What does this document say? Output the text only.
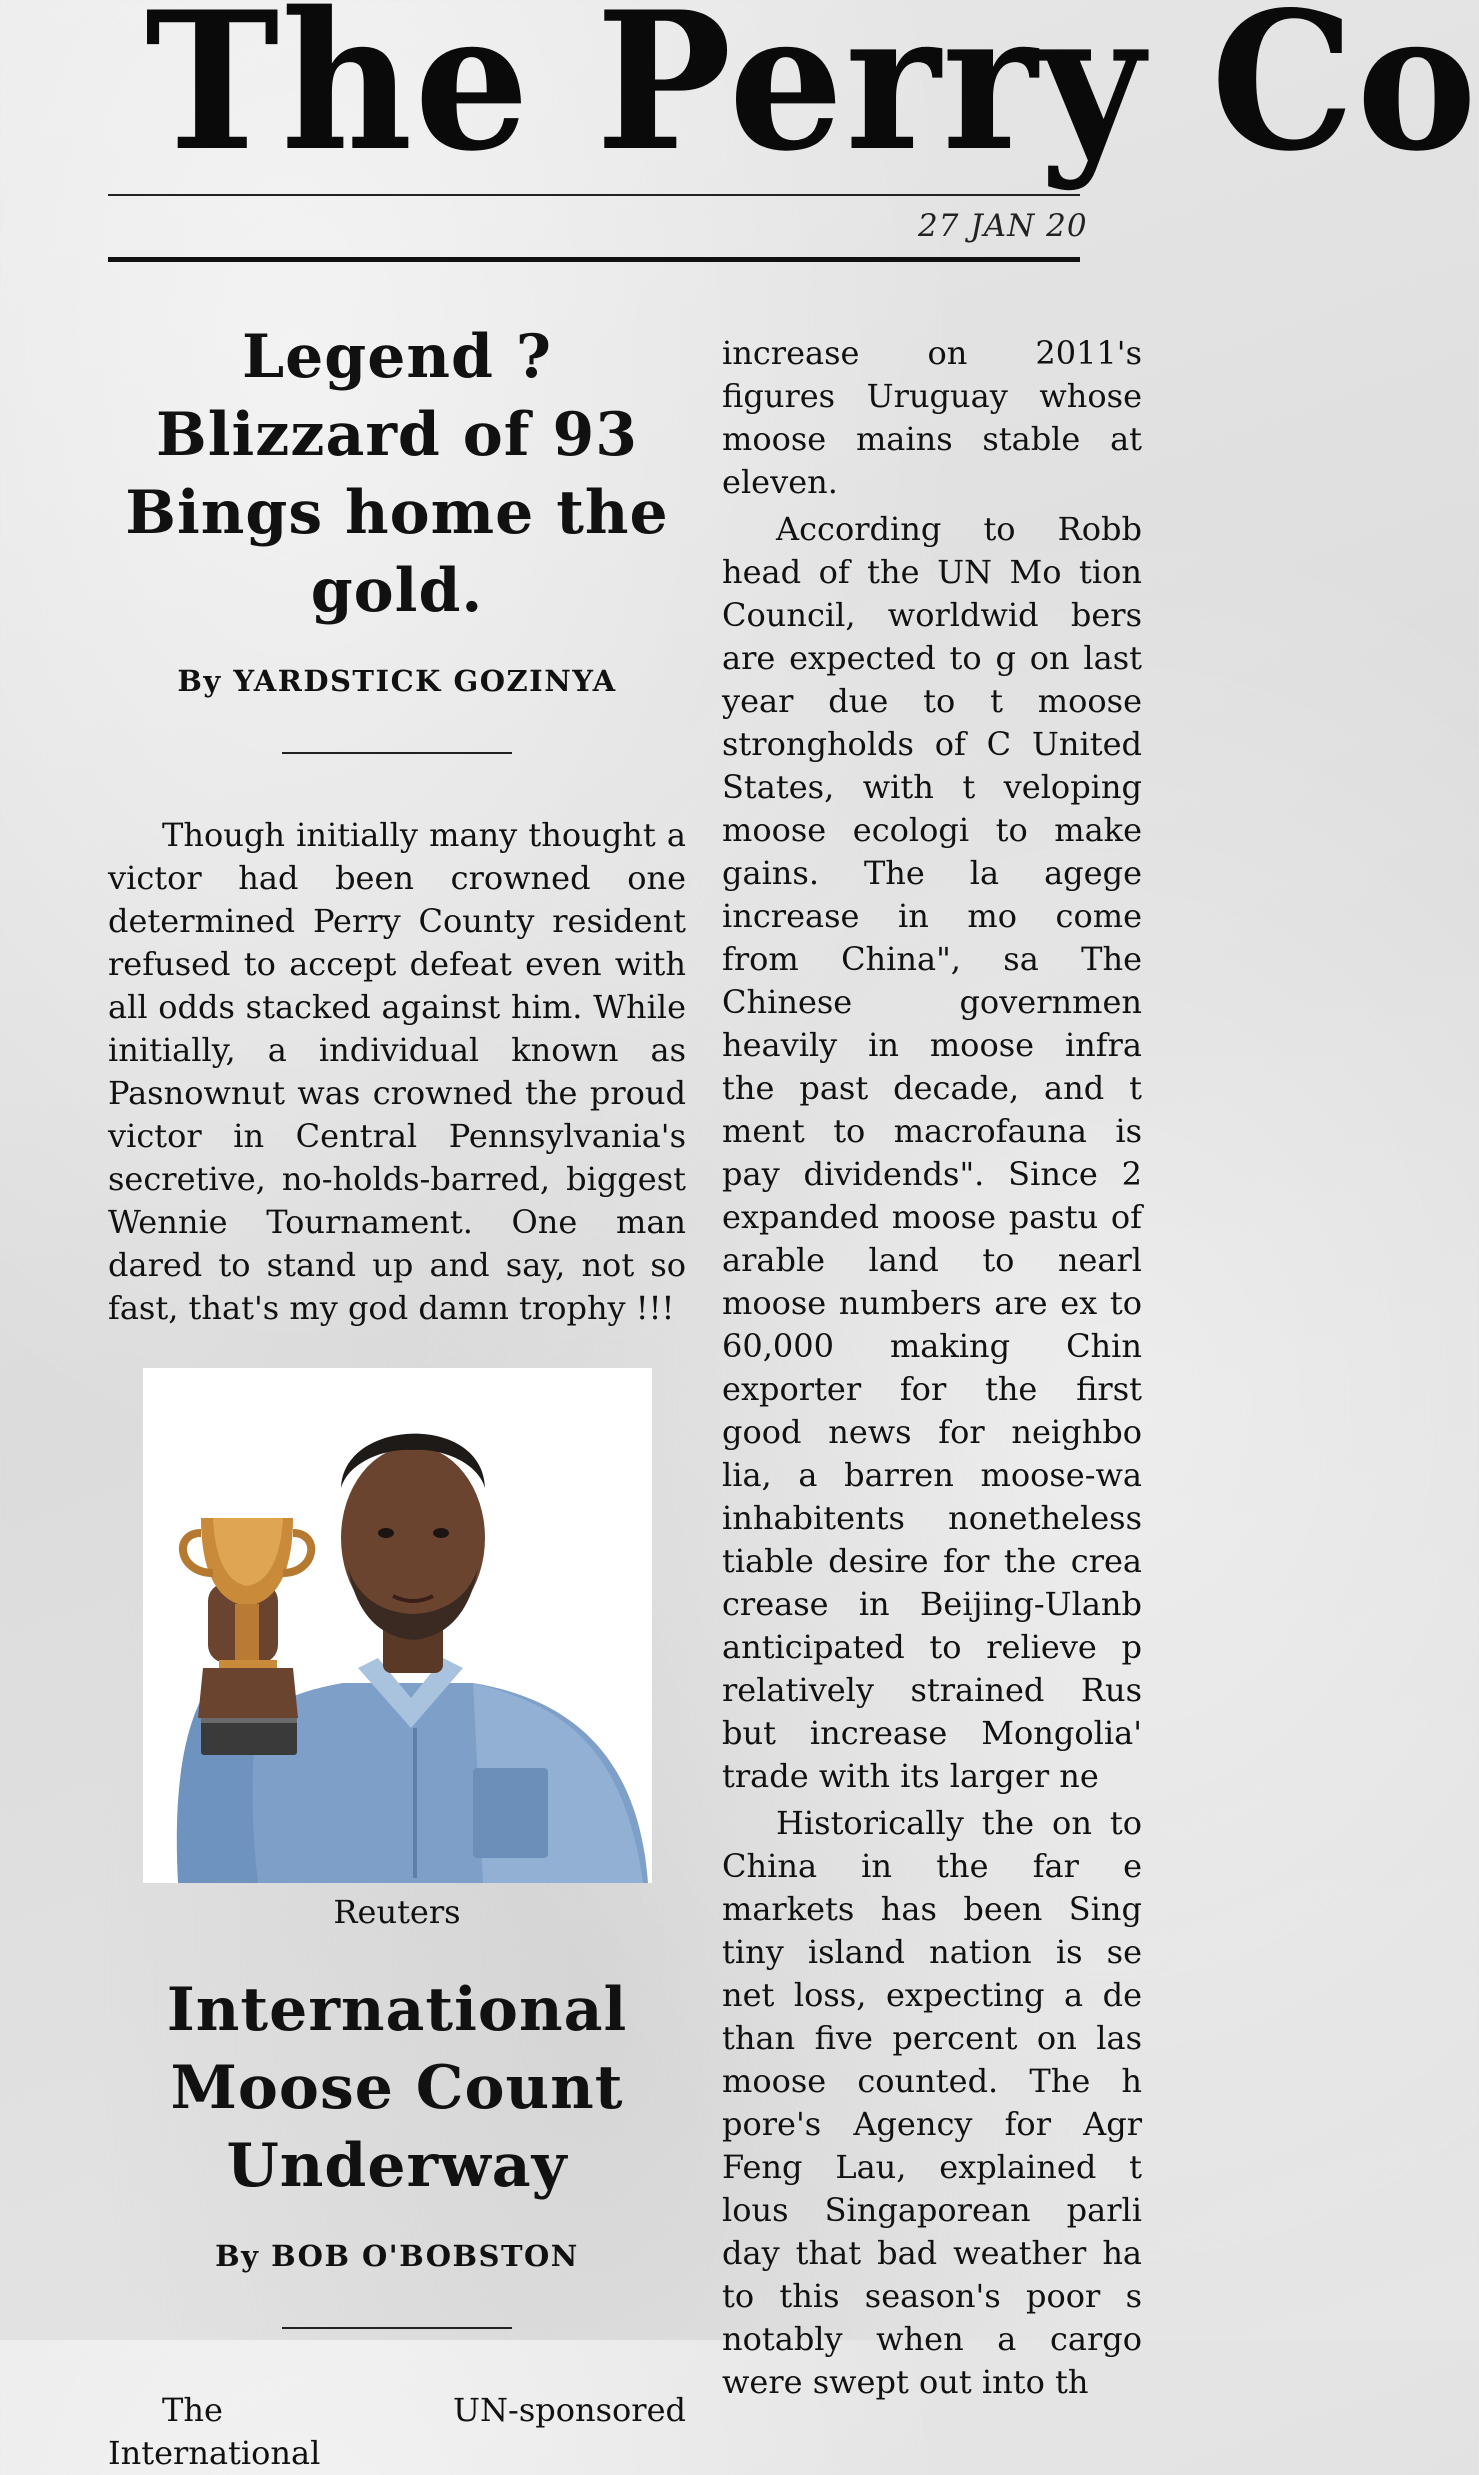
The Perry Co
27 JAN 20
Legend ? Blizzard of 93 Bings home the gold.
By YARDSTICK GOZINYA

Though initially many thought a victor had been crowned one determined Perry County resident refused to accept defeat even with all odds stacked against him. While initially, a individual known as Pasnownut was crowned the proud victor in Central Pennsylvania's secretive, no-holds-barred, biggest Wennie Tournament. One man dared to stand up and say, not so fast, that's my god damn trophy !!!

Reuters
International Moose Count Underway
By BOB O'BOBSTON

The UN-sponsored International

increase on 2011's figures Uruguay whose moose mains stable at eleven.

According to Robb head of the UN Mo tion Council, worldwid bers are expected to g on last year due to t moose strongholds of C United States, with t veloping moose ecologi to make gains. The la agege increase in mo come from China", sa The Chinese governmen heavily in moose infra the past decade, and t ment to macrofauna is pay dividends". Since 2 expanded moose pastu of arable land to nearl moose numbers are ex to 60,000 making Chin exporter for the first good news for neighbo lia, a barren moose-wa inhabitents nonetheless tiable desire for the crea crease in Beijing-Ulanb anticipated to relieve p relatively strained Rus but increase Mongolia' trade with its larger ne

Historically the on to China in the far e markets has been Sing tiny island nation is se net loss, expecting a de than five percent on las moose counted. The h pore's Agency for Agr Feng Lau, explained t lous Singaporean parli day that bad weather ha to this season's poor s notably when a cargo were swept out into th
